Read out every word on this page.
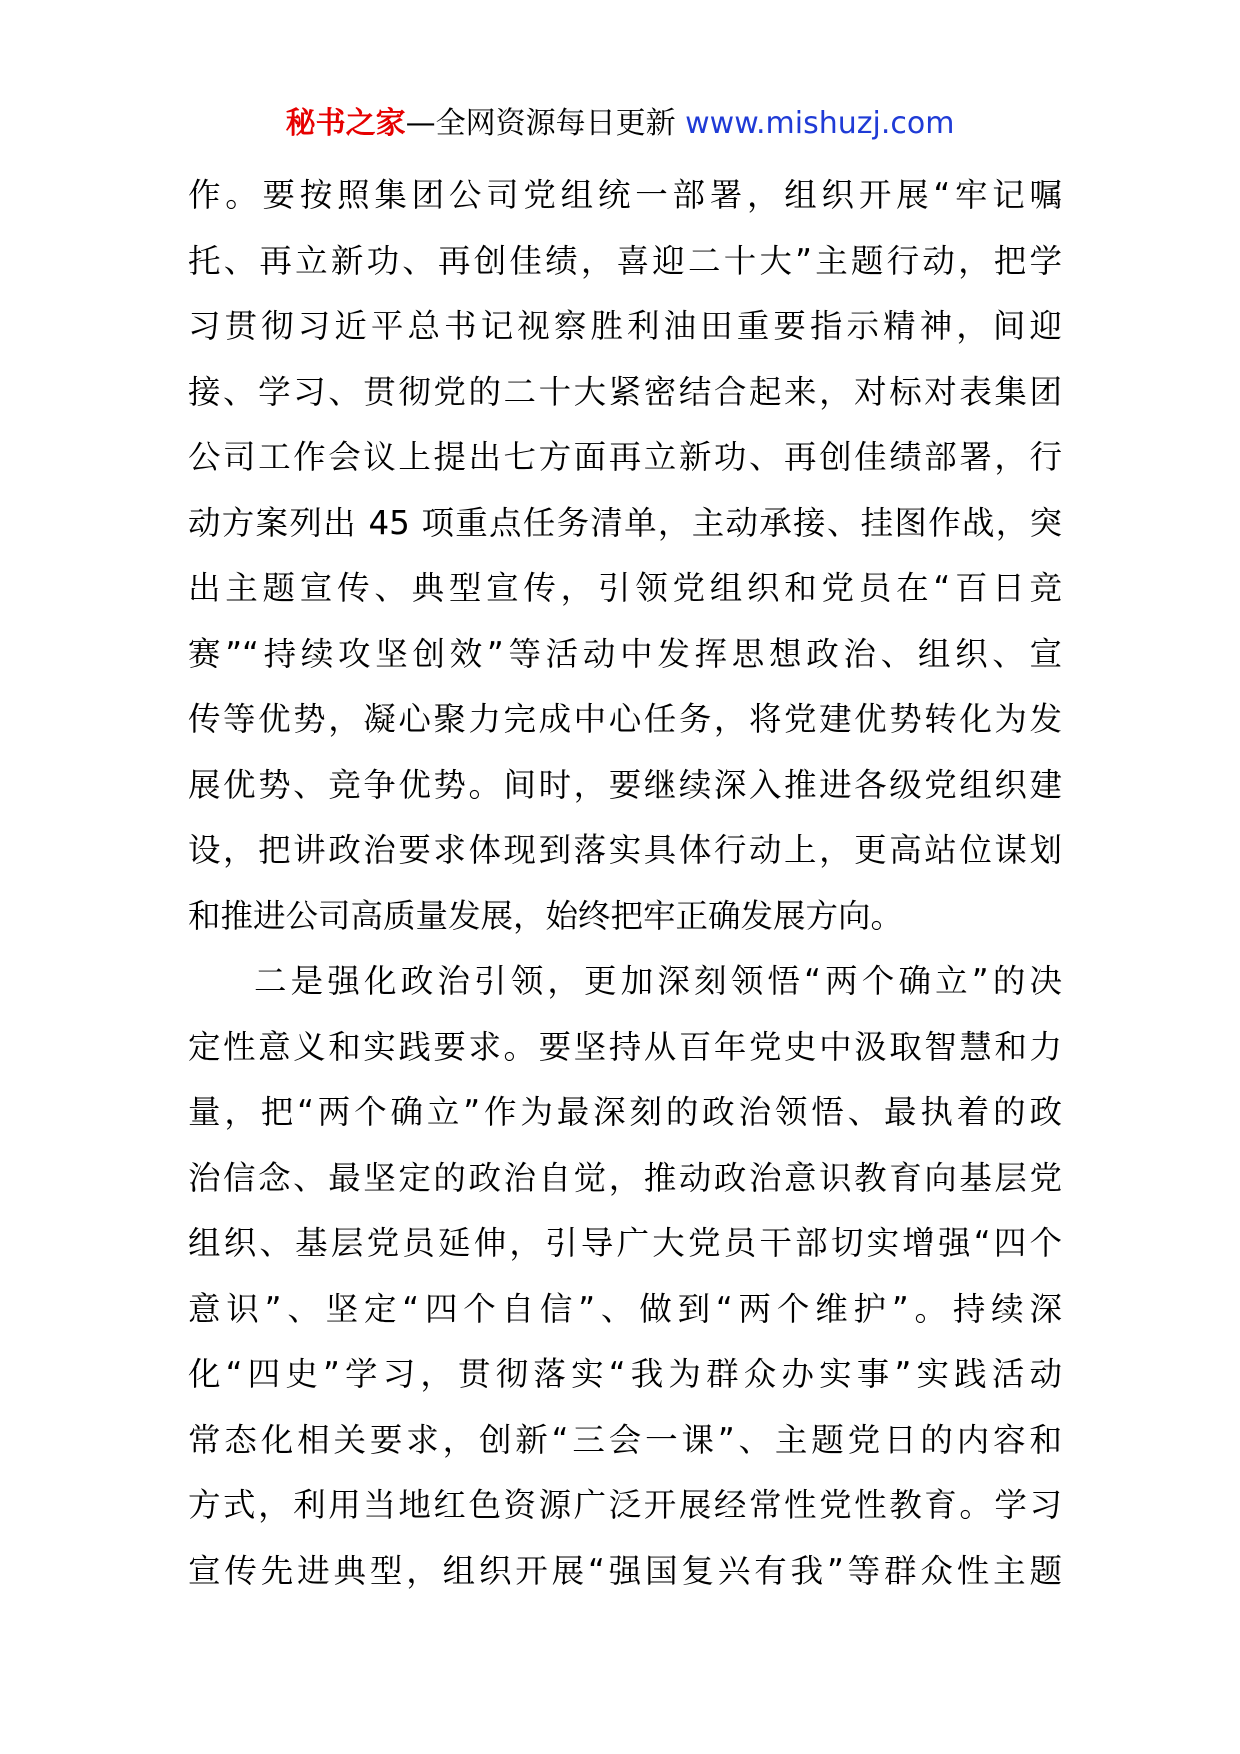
秘书之家—全网资源每日更新 www.mishuzj.com
作。要按照集团公司党组统一部署，组织开展“牢记嘱
托、再立新功、再创佳绩，喜迎二十大”主题行动，把学
习贯彻习近平总书记视察胜利油田重要指示精神，间迎
接、学习、贯彻党的二十大紧密结合起来，对标对表集团
公司工作会议上提出七方面再立新功、再创佳绩部署，行
动方案列出 45 项重点任务清单，主动承接、挂图作战，突
出主题宣传、典型宣传，引领党组织和党员在“百日竞
赛”“持续攻坚创效”等活动中发挥思想政治、组织、宣
传等优势，凝心聚力完成中心任务，将党建优势转化为发
展优势、竞争优势。间时，要继续深入推进各级党组织建
设，把讲政治要求体现到落实具体行动上，更高站位谋划
和推进公司高质量发展，始终把牢正确发展方向。
二是强化政治引领，更加深刻领悟“两个确立”的决
定性意义和实践要求。要坚持从百年党史中汲取智慧和力
量，把“两个确立”作为最深刻的政治领悟、最执着的政
治信念、最坚定的政治自觉，推动政治意识教育向基层党
组织、基层党员延伸，引导广大党员干部切实增强“四个
意识”、坚定“四个自信”、做到“两个维护”。持续深
化“四史”学习，贯彻落实“我为群众办实事”实践活动
常态化相关要求，创新“三会一课”、主题党日的内容和
方式，利用当地红色资源广泛开展经常性党性教育。学习
宣传先进典型，组织开展“强国复兴有我”等群众性主题
